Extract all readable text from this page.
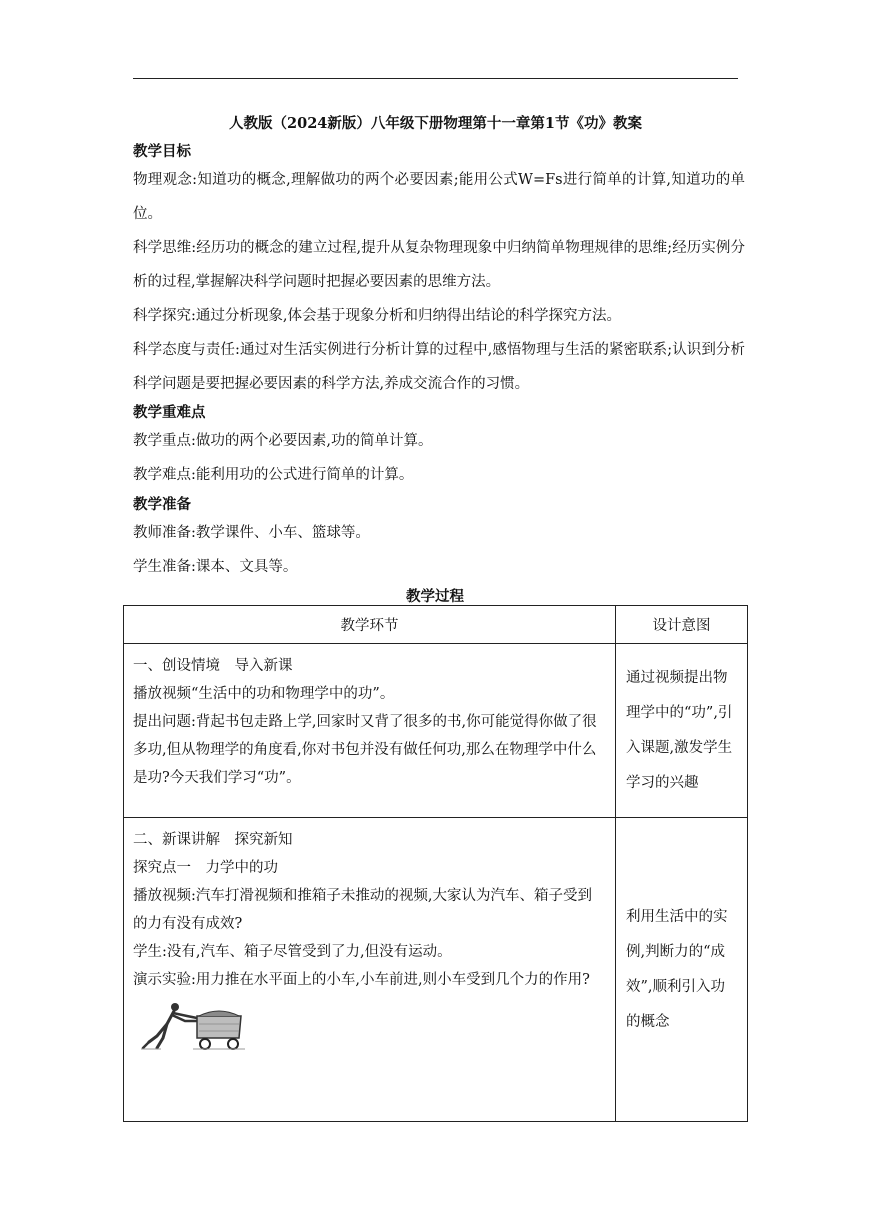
人教版（2024新版）八年级下册物理第十一章第1节《功》教案
教学目标
物理观念:知道功的概念,理解做功的两个必要因素;能用公式W=Fs进行简单的计算,知道功的单位。
科学思维:经历功的概念的建立过程,提升从复杂物理现象中归纳简单物理规律的思维;经历实例分析的过程,掌握解决科学问题时把握必要因素的思维方法。
科学探究:通过分析现象,体会基于现象分析和归纳得出结论的科学探究方法。
科学态度与责任:通过对生活实例进行分析计算的过程中,感悟物理与生活的紧密联系;认识到分析科学问题是要把握必要因素的科学方法,养成交流合作的习惯。
教学重难点
教学重点:做功的两个必要因素,功的简单计算。
教学难点:能利用功的公式进行简单的计算。
教学准备
教师准备:教学课件、小车、篮球等。
学生准备:课本、文具等。
教学过程
教学环节	设计意图

一、创设情境　导入新课

播放视频“生活中的功和物理学中的功”。

提出问题:背起书包走路上学,回家时又背了很多的书,你可能觉得你做了很多功,但从物理学的角度看,你对书包并没有做任何功,那么在物理学中什么是功?今天我们学习“功”。	通过视频提出物理学中的“功”,引入课题,激发学生学习的兴趣

二、新课讲解　探究新知

探究点一　力学中的功

播放视频:汽车打滑视频和推箱子未推动的视频,大家认为汽车、箱子受到的力有没有成效?

学生:没有,汽车、箱子尽管受到了力,但没有运动。

演示实验:用力推在水平面上的小车,小车前进,则小车受到几个力的作用?	利用生活中的实例,判断力的“成效”,顺利引入功的概念
